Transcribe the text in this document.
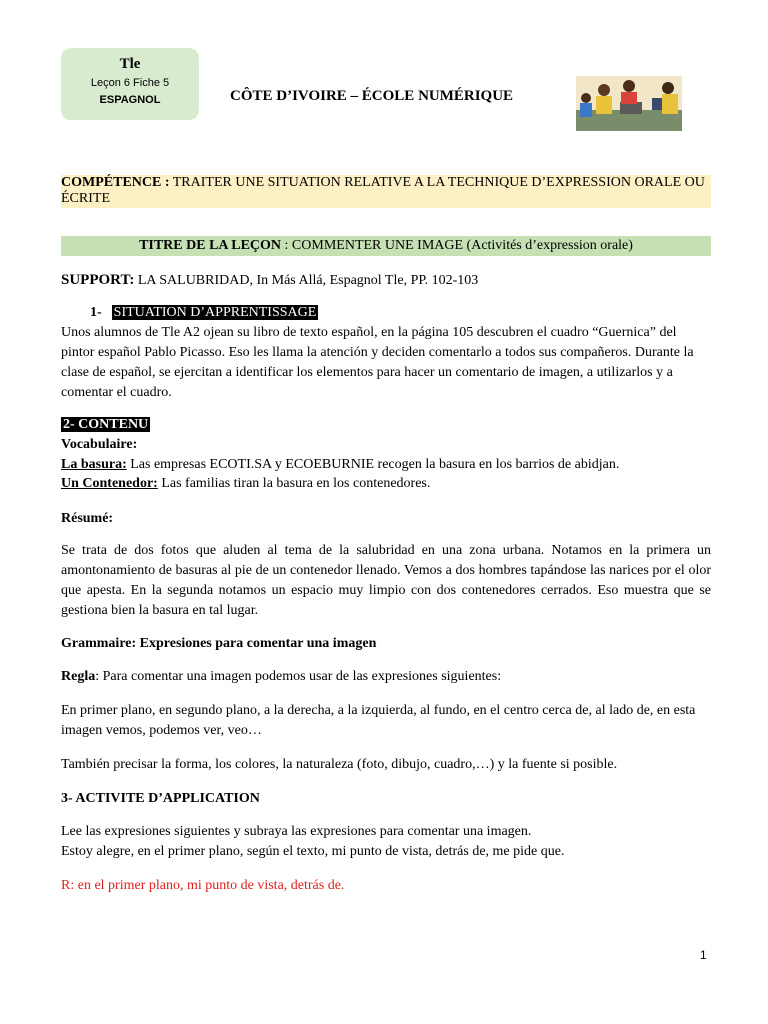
Tle
Leçon 6 Fiche 5
ESPAGNOL	CÔTE D’IVOIRE – ÉCOLE NUMÉRIQUE
COMPÉTENCE : TRAITER UNE SITUATION RELATIVE A LA TECHNIQUE D’EXPRESSION ORALE OU ÉCRITE
TITRE DE LA LEÇON : COMMENTER UNE IMAGE (Activités d’expression orale)
SUPPORT: LA SALUBRIDAD, In Más Allá, Espagnol Tle, PP. 102-103
1- SITUATION D’APPRENTISSAGE
Unos alumnos de Tle A2 ojean su libro de texto español, en la página 105 descubren el cuadro “Guernica” del pintor español Pablo Picasso. Eso les llama la atención y deciden comentarlo a todos sus compañeros. Durante la clase de español, se ejercitan a identificar los elementos para hacer un comentario de imagen, a utilizarlos y a comentar el cuadro.
2- CONTENU
Vocabulaire:
La basura: Las empresas ECOTI.SA y ECOEBURNIE recogen la basura en los barrios de abidjan.
Un Contenedor: Las familias tiran la basura en los contenedores.
Résumé:
Se trata de dos fotos que aluden al tema de la salubridad en una zona urbana. Notamos en la primera un amontonamiento de basuras al pie de un contenedor llenado. Vemos a dos hombres tapándose las narices por el olor que apesta. En la segunda notamos un espacio muy limpio con dos contenedores cerrados. Eso muestra que se gestiona bien la basura en tal lugar.
Grammaire: Expresiones para comentar una imagen
Regla: Para comentar una imagen podemos usar de las expresiones siguientes:
En primer plano, en segundo plano, a la derecha, a la izquierda, al fundo, en el centro cerca de, al lado de, en esta imagen vemos, podemos ver, veo…
También precisar la forma, los colores, la naturaleza (foto, dibujo, cuadro,…) y la fuente si posible.
3- ACTIVITE D’APPLICATION
Lee las expresiones siguientes y subraya las expresiones para comentar una imagen.
Estoy alegre, en el primer plano, según el texto, mi punto de vista, detrás de, me pide que.
R: en el primer plano, mi punto de vista, detrás de.
1
